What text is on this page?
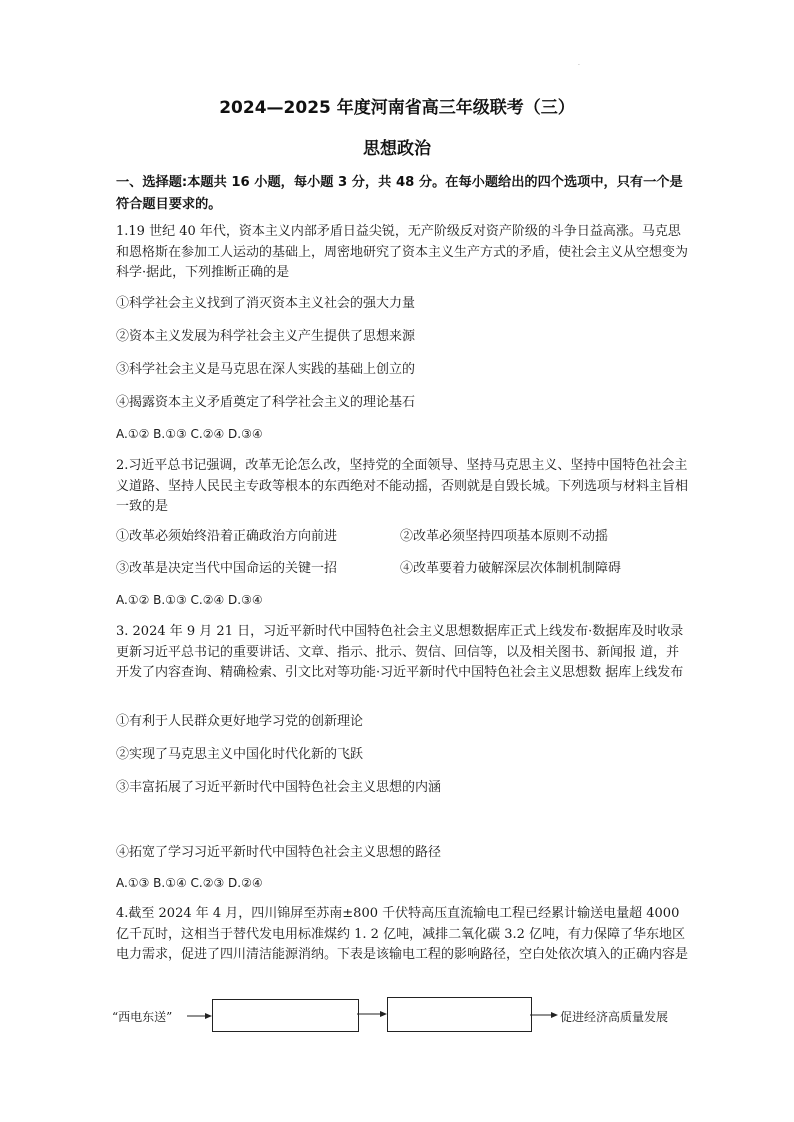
·
2024—2025 年度河南省高三年级联考（三）
思想政治
一、选择题:本题共 16 小题，每小题 3 分，共 48 分。在每小题给出的四个选项中，只有一个是符合题目要求的。
1.19 世纪 40 年代，资本主义内部矛盾日益尖锐，无产阶级反对资产阶级的斗争日益高涨。马克思和恩格斯在参加工人运动的基础上，周密地研究了资本主义生产方式的矛盾，使社会主义从空想变为科学·据此，下列推断正确的是
①科学社会主义找到了消灭资本主义社会的强大力量
②资本主义发展为科学社会主义产生提供了思想来源
③科学社会主义是马克思在深人实践的基础上创立的
④揭露资本主义矛盾奠定了科学社会主义的理论基石
A.①② B.①③ C.②④ D.③④
2.习近平总书记强调，改革无论怎么改，坚持党的全面领导、坚持马克思主义、坚持中国特色社会主义道路、坚持人民民主专政等根本的东西绝对不能动摇，否则就是自毁长城。下列选项与材料主旨相一致的是
①改革必须始终沿着正确政治方向前进	②改革必须坚持四项基本原则不动摇
③改革是决定当代中国命运的关键一招	④改革要着力破解深层次体制机制障碍
A.①② B.①③ C.②④ D.③④
3. 2024 年 9 月 21 日，习近平新时代中国特色社会主义思想数据库正式上线发布·数据库及时收录更新习近平总书记的重要讲话、文章、指示、批示、贺信、回信等，以及相关图书、新闻报 道，并开发了内容查询、精确检索、引文比对等功能·习近平新时代中国特色社会主义思想数 据库上线发布
①有利于人民群众更好地学习党的创新理论
②实现了马克思主义中国化时代化新的飞跃
③丰富拓展了习近平新时代中国特色社会主义思想的内涵
④拓宽了学习习近平新时代中国特色社会主义思想的路径
A.①③ B.①④ C.②③ D.②④
4.截至 2024 年 4 月，四川锦屏至苏南±800 千伏特高压直流输电工程已经累计输送电量超 4000 亿千瓦时，这相当于替代发电用标准煤约 1. 2 亿吨，减排二氧化碳 3.2 亿吨，有力保障了华东地区电力需求，促进了四川清洁能源消纳。下表是该输电工程的影响路径，空白处依次填入的正确内容是
“西电东送”	促进经济高质量发展
